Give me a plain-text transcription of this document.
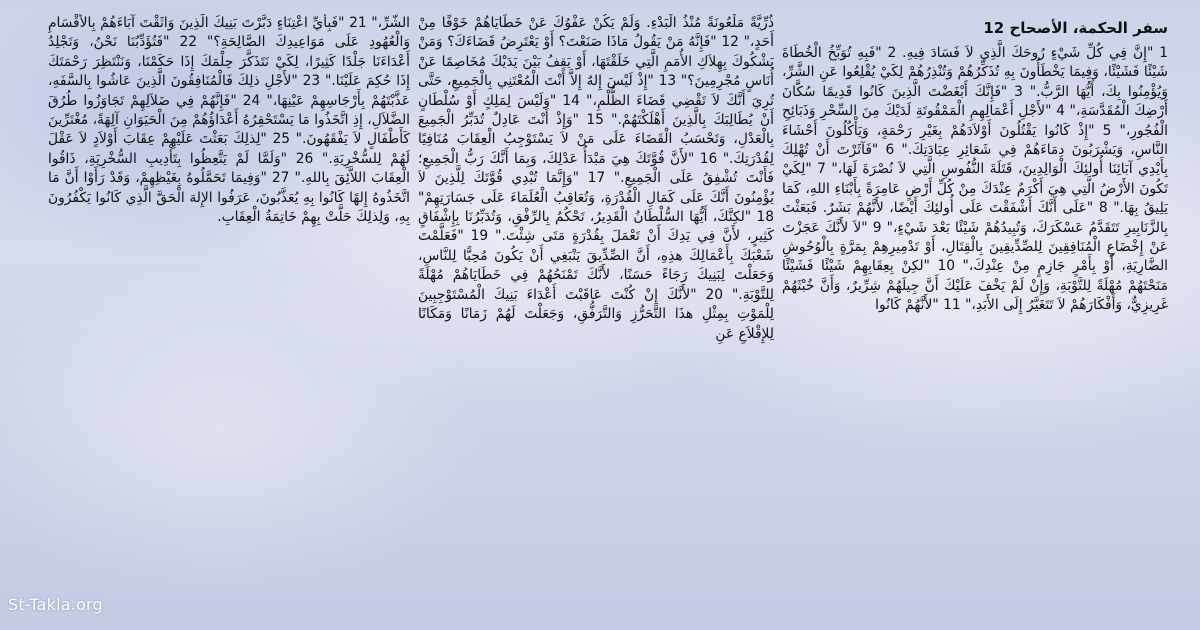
سفر الحكمة، الأصحاح 12

1 "إِنَّ فِي كُلِّ شَيْءٍ رُوحَكَ الَّذِي لاَ فَسَادَ فِيهِ. 2 "فَبِهِ تُوَبِّخُ الْخُطَاةَ شَيْئًا فَشَيْئًا، وَفِيمَا يَخْطَأُونَ بِهِ تُذَكِّرُهُمْ وَتُنْذِرُهُمْ لِكَيْ يُقْلِعُوا عَنِ الشَّرِّ، وَيُؤْمِنُوا بِكَ، أَيُّهَا الرَّبُّ." 3 "فَإِنَّكَ أَبْغَضْتَ الَّذِينَ كَانُوا قَدِيمًا سُكَّانَ أَرْضِكَ الْمُقَدَّسَةِ،" 4 "لأَجْلِ أَعْمَالِهِمِ الْمَمْقُوتَةِ لَدَيْكَ مِنَ السِّحْرِ وَذَبَائِحِ الْفُجُورِ،" 5 "إِذْ كَانُوا يَقْتُلُونَ أَوْلاَدَهُمْ بِغَيْرِ رَحْمَةٍ، وَيَأْكُلُونَ أَحْشَاءَ النَّاسِ، وَيَشْرَبُونَ دِمَاءَهُمْ فِي شَعَائِرِ عِبَادَتِكَ." 6 "فَآثَرْتَ أَنْ تُهْلِكَ بِأَيْدِي آبَائِنَا أُولئِكَ الْوَالِدِينَ، قَتَلَةَ النُّفُوسِ الَّتِي لاَ نُصْرَةَ لَهَا،" 7 "لِكَيْ تَكُونَ الأَرْضُ الَّتِي هِيَ أَكْرَمُ عِنْدَكَ مِنْ كُلِّ أَرْضٍ عَامِرَةً بِأَبْنَاءِ اللهِ، كَمَا يَلِيقُ بِهَا." 8 "عَلَى أَنَّكَ أَشْفَقْتَ عَلَى أُولئِكَ أَيْضًا، لأَنَّهُمْ بَشَرٌ. فَبَعَثْتَ بِالزَّنَابِيرِ تَتَقَدَّمُ عَسْكَرَكَ، وَتُبِيدُهُمْ شَيْئًا بَعْدَ شَيْءٍ،" 9 "لاَ لأَنَّكَ عَجَزْتَ عَنْ إِخْضَاعِ الْمُنَافِقِينَ لِلصِّدِّيقِينَ بِالْقِتَالِ، أَوْ تَدْمِيرِهِمْ بِمَرَّةٍ بِالْوُحُوشِ الضَّارِيَةِ، أَوْ بِأَمْرٍ جَازِمٍ مِنْ عِنْدِكَ،" 10 "لكِنْ بِعِقَابِهِمْ شَيْئًا فَشَيْئًا مَنَحْتَهُمْ مُهْلَةً لِلتَّوْبَةِ، وَإِنْ لَمْ يَخْفَ عَلَيْكَ أَنَّ جِيلَهُمْ شِرِّيرٌ، وَأَنَّ خُبْثَهُمْ غَرِيزِيٌّ، وَأَفْكَارَهُمْ لاَ تَتَغَيَّرُ إِلَى الأَبَدِ،" 11 "لأَنَّهُمْ كَانُوا

ذُرِّيَّةً مَلْعُونَةً مُنْذُ الْبَدْءِ. وَلَمْ يَكُنْ عَفْوُكَ عَنْ خَطَايَاهُمْ خَوْفًا مِنْ أَحَدٍ،" 12 "فَإِنَّهُ مَنْ يَقُولُ مَاذَا صَنَعْتَ؟ أَوْ يَعْتَرِضُ قَضَاءَكَ؟ وَمَنْ يَشْكُوكَ بِهِلاَكِ الأُمَمِ الَّتِي خَلَقْتَهَا، أَوْ يَقِفُ بَيْنَ يَدَيْكَ مُخَاصِمًا عَنْ أُنَاسٍ مُجْرِمِينَ؟" 13 "إِذْ لَيْسَ إِلهٌ إِلاَّ أَنْتَ الْمُعْتَنِي بِالْجَمِيعِ، حَتَّى تُرِيَ أَنَّكَ لاَ تَقْضِي قَضَاءَ الظُّلْمِ،" 14 "وَلَيْسَ لِمَلِكٍ أَوْ سُلْطَانٍ أَنْ يُطَالِبَكَ بِالَّذِينَ أَهْلَكْتَهُمْ." 15 "وَإِذْ أَنْتَ عَادِلٌ تُدَبِّرُ الْجَمِيعَ بِالْعَدْلِ، وَتَحْسَبُ الْقَضَاءَ عَلَى مَنْ لاَ يَسْتَوْجِبُ الْعِقَابَ مُنَافِيًا لِقُدْرَتِكَ." 16 "لأَنَّ قُوَّتَكَ هِيَ مَبْدَأُ عَدْلِكَ، وَبِمَا أَنَّكَ رَبُّ الْجَمِيعِ؛ فَأَنْتَ تُشْفِقُ عَلَى الْجَمِيعِ." 17 "وَإِنَّمَا تُبْدِي قُوَّتَكَ لِلَّذِينَ لاَ يُؤْمِنُونَ أَنَّكَ عَلَى كَمَالِ الْقُدْرَةِ، وَتُعَاقِبُ الْعُلَمَاءَ عَلَى جَسَارَتِهِمْ" 18 "لكِنَّكَ، أَيُّهَا السُّلْطَانُ الْقَدِيرُ، تَحْكُمُ بِالرِّفْقِ، وَتُدَبِّرُنَا بِإِشْفَاقٍ كَثِيرٍ، لأَنَّ فِي يَدِكَ أَنْ تَعْمَلَ بِقُدْرَةٍ مَتَى شِئْتَ." 19 "فَعَلَّمْتَ شَعْبَكَ بِأَعْمَالِكَ هذِهِ، أَنَّ الصِّدِّيقَ يَنْبَغِي أَنْ يَكُونَ مُحِبًّا لِلنَّاسِ، وَجَعَلْتَ لِبَنِيكَ رَجَاءً حَسَنًا، لأَنَّكَ تَمْنَحُهُمْ فِي خَطَايَاهُمْ مُهْلَةً لِلتَّوْبَةِ." 20 "لأَنَّكَ إِنْ كُنْتَ عَاقَبْتَ أَعْدَاءَ بَنِيكَ الْمُسْتَوْجِبِينَ لِلْمَوْتِ بِمِثْلِ هذَا التَّحَرُّزِ وَالتَّرَفُّقِ، وَجَعَلْتَ لَهُمْ زَمَانًا وَمَكَانًا لِلإِقْلاَعِ عَنِ

الشَّرِّ،" 21 "فَبِأَيِّ اعْتِنَاءٍ دَبَّرْتَ بَنِيكَ الَّذِينَ وَاثَقْتَ آبَاءَهُمْ بِالأَقْسَامِ وَالْعُهُودِ عَلَى مَوَاعِيدِكَ الصَّالِحَةِ؟" 22 "فَتُؤَدِّبُنَا نَحْنُ، وَتَجْلِدُ أَعْدَاءَنَا جَلْدًا كَثِيرًا، لِكَيْ نَتَذَكَّرَ حِلْمَكَ إِذَا حَكَمْنَا، وَنَنْتَظِرَ رَحْمَتَكَ إِذَا حُكِمَ عَلَيْنَا." 23 "لأَجْلِ ذلِكَ فَالْمُنَافِقُونَ الَّذِينَ عَاشُوا بِالسَّفَهِ، عَذَّبْتَهُمْ بِأَرْجَاسِهِمْ عَيْنِهَا،" 24 "فَإِنَّهُمْ فِي ضَلاَلِهِمْ تَجَاوَزُوا طُرُقَ الضَّلاَلِ، إِذِ اتَّخَذُوا مَا يَسْتَحْقِرُهُ أَعْدَاؤُهُمْ مِنَ الْحَيَوَانِ آلِهَةً، مُغْتَرِّينَ كَأَطْفَالٍ لاَ يَفْقَهُونَ." 25 "لِذلِكَ بَعَثْتَ عَلَيْهِمْ عِقَابَ أَوْلاَدٍ لاَ عَقْلَ لَهُمْ لِلسُّخْرِيَةِ." 26 "وَلَمَّا لَمْ يَتَّعِظُوا بِتَأْدِيبِ السُّخْرِيَةِ، ذَاقُوا الْعِقَابَ اللاَّئِقَ بِاللهِ." 27 "وَفِيمَا تَحَمَّلُوهُ بِغَيْظِهِمْ، وَقَدْ رَأَوْا أَنَّ مَا اتَّخَذُوهُ إِلهًا كَانُوا بِهِ يُعَذَّبُونَ، عَرَفُوا الإِلهَ الْحَقَّ الَّذِي كَانُوا يَكْفُرُونَ بِهِ، وَلِذلِكَ حَلَّتْ بِهِمْ خَاتِمَةُ الْعِقَابِ.

St-Takla.org
